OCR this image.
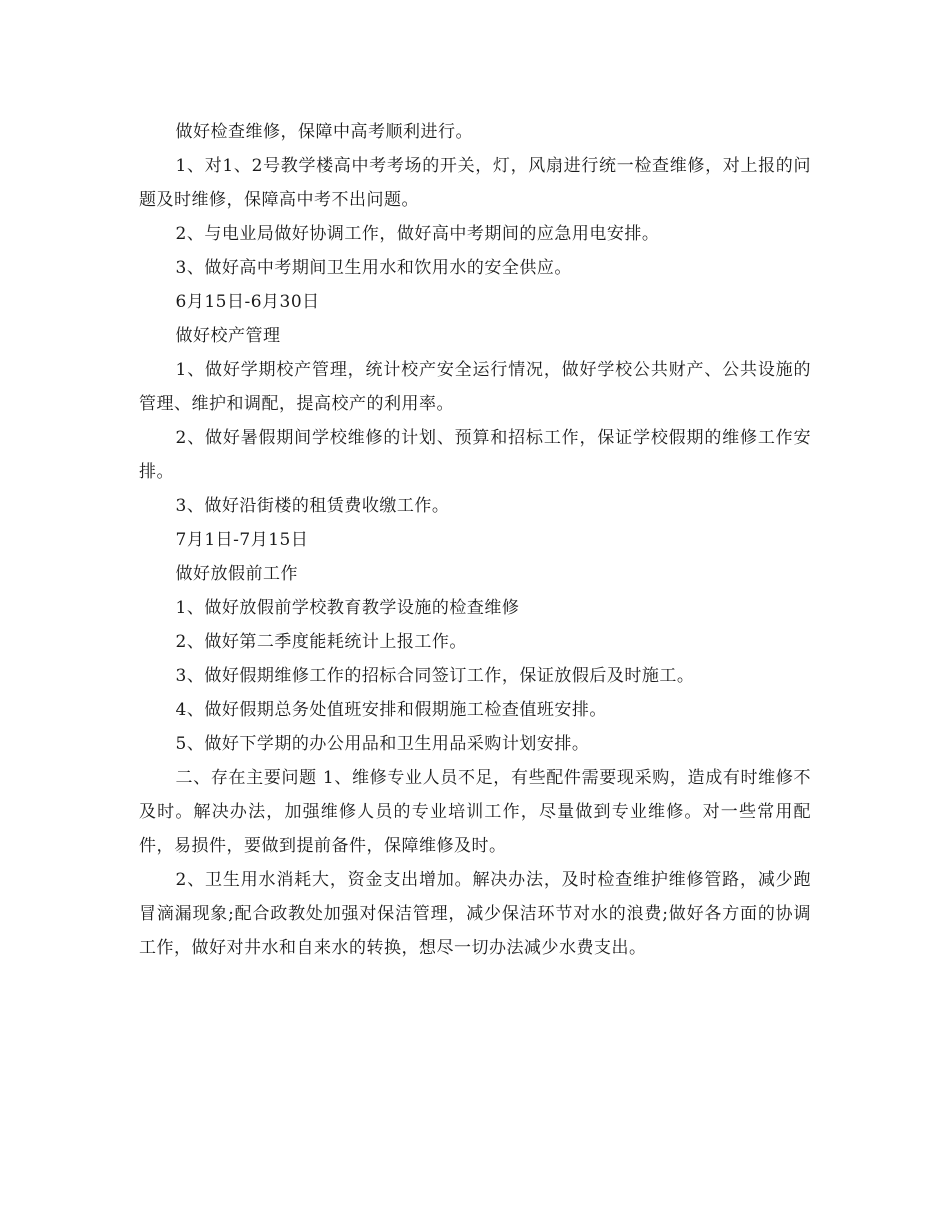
做好检查维修，保障中高考顺利进行。

1、对1、2号教学楼高中考考场的开关，灯，风扇进行统一检查维修，对上报的问题及时维修，保障高中考不出问题。

2、与电业局做好协调工作，做好高中考期间的应急用电安排。

3、做好高中考期间卫生用水和饮用水的安全供应。

6月15日-6月30日

做好校产管理

1、做好学期校产管理，统计校产安全运行情况，做好学校公共财产、公共设施的管理、维护和调配，提高校产的利用率。

2、做好暑假期间学校维修的计划、预算和招标工作，保证学校假期的维修工作安排。

3、做好沿街楼的租赁费收缴工作。

7月1日-7月15日

做好放假前工作

1、做好放假前学校教育教学设施的检查维修

2、做好第二季度能耗统计上报工作。

3、做好假期维修工作的招标合同签订工作，保证放假后及时施工。

4、做好假期总务处值班安排和假期施工检查值班安排。

5、做好下学期的办公用品和卫生用品采购计划安排。

二、存在主要问题 1、维修专业人员不足，有些配件需要现采购，造成有时维修不及时。解决办法，加强维修人员的专业培训工作，尽量做到专业维修。对一些常用配件，易损件，要做到提前备件，保障维修及时。

2、卫生用水消耗大，资金支出增加。解决办法，及时检查维护维修管路，减少跑冒滴漏现象;配合政教处加强对保洁管理，减少保洁环节对水的浪费;做好各方面的协调工作，做好对井水和自来水的转换，想尽一切办法减少水费支出。
